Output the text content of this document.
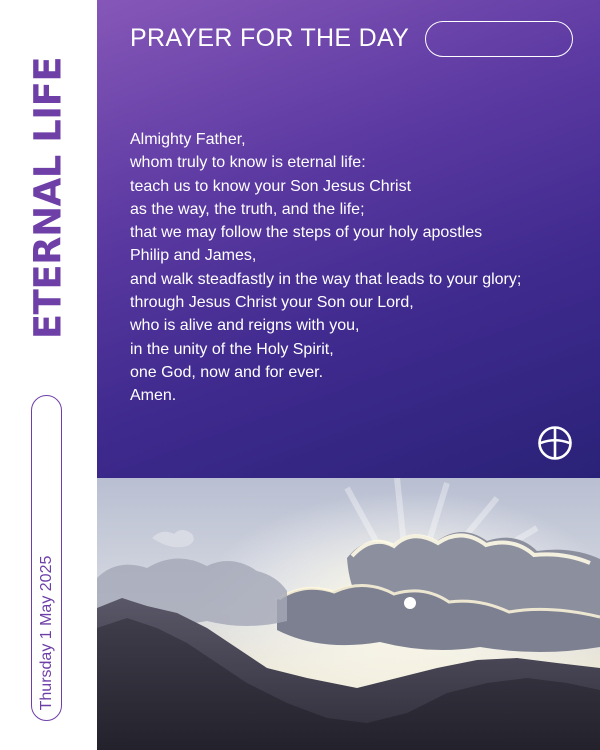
ETERNAL LIFE
Thursday 1 May 2025
PRAYER FOR THE DAY
Almighty Father,
whom truly to know is eternal life:
teach us to know your Son Jesus Christ
as the way, the truth, and the life;
that we may follow the steps of your holy apostles
Philip and James,
and walk steadfastly in the way that leads to your glory;
through Jesus Christ your Son our Lord,
who is alive and reigns with you,
in the unity of the Holy Spirit,
one God, now and for ever.
Amen.
